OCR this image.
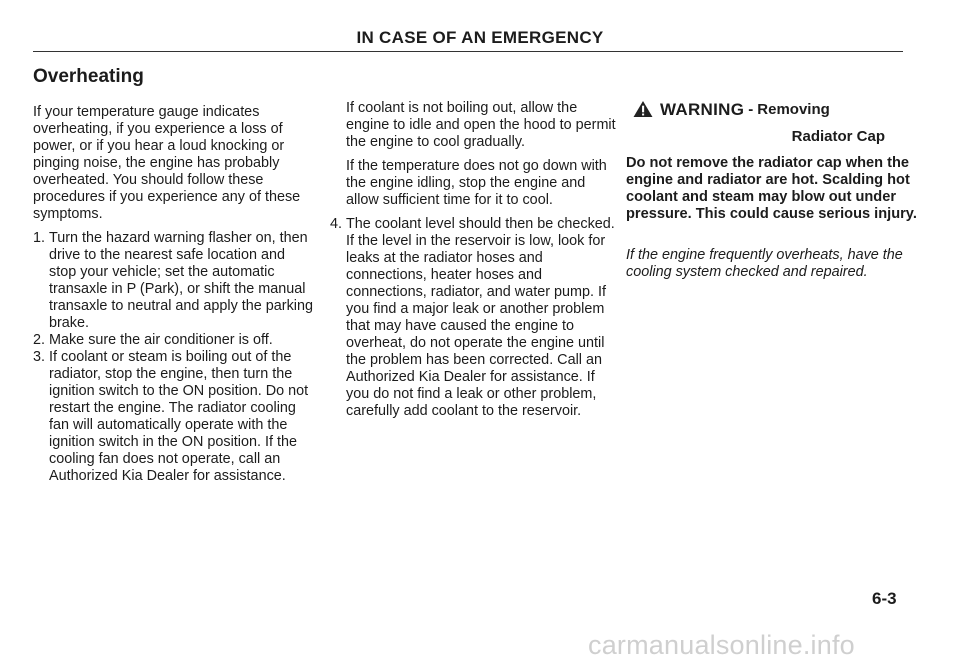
IN CASE OF AN EMERGENCY
Overheating

If your temperature gauge indicates overheating, if you experience a loss of power, or if you hear a loud knocking or pinging noise, the engine has probably overheated. You should follow these procedures if you experience any of these symptoms.

1. Turn the hazard warning flasher on, then drive to the nearest safe location and stop your vehicle; set the automatic transaxle in P (Park), or shift the manual transaxle to neutral and apply the parking brake.
2. Make sure the air conditioner is off.
3. If coolant or steam is boiling out of the radiator, stop the engine, then turn the ignition switch to the ON position. Do not restart the engine. The radiator cooling fan will automatically operate with the ignition switch in the ON position. If the cooling fan does not operate, call an Authorized Kia Dealer for assistance.

If coolant is not boiling out, allow the engine to idle and open the hood to permit the engine to cool gradually.

If the temperature does not go down with the engine idling, stop the engine and allow sufficient time for it to cool.

4. The coolant level should then be checked. If the level in the reservoir is low, look for leaks at the radiator hoses and connections, heater hoses and connections, radiator, and water pump. If you find a major leak or another problem that may have caused the engine to overheat, do not operate the engine until the problem has been corrected. Call an Authorized Kia Dealer for assistance. If you do not find a leak or other problem, carefully add coolant to the reservoir.
WARNING - Removing
Radiator Cap
Do not remove the radiator cap when the engine and radiator are hot. Scalding hot coolant and steam may blow out under pressure. This could cause serious injury.
If the engine frequently overheats, have the cooling system checked and repaired.
6-3
carmanualsonline.info
